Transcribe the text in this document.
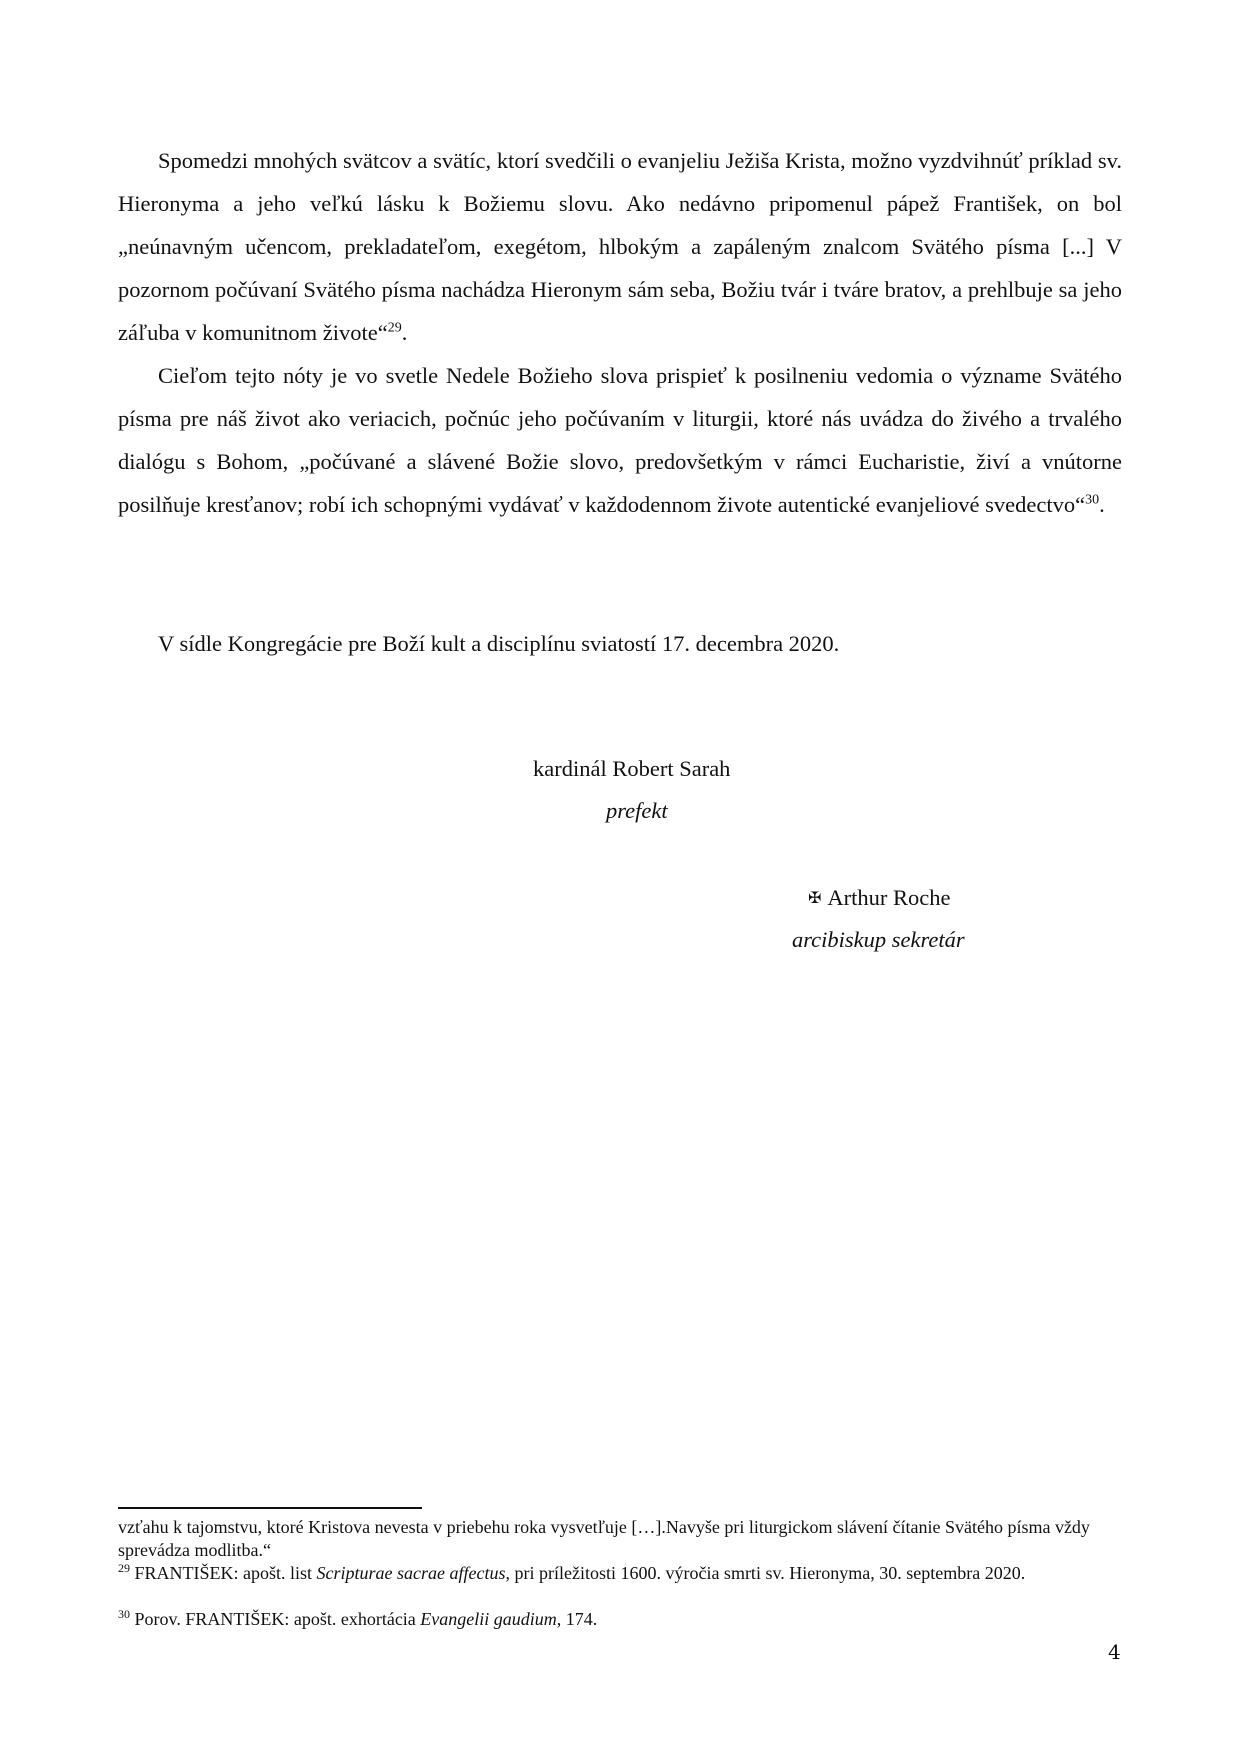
Spomedzi mnohých svätcov a svätíc, ktorí svedčili o evanjeliu Ježiša Krista, možno vyzdvihnúť príklad sv. Hieronyma a jeho veľkú lásku k Božiemu slovu. Ako nedávno pripomenul pápež František, on bol „neúnavným učencom, prekladateľom, exegétom, hlbokým a zapáleným znalcom Svätého písma [...] V pozornom počúvaní Svätého písma nachádza Hieronym sám seba, Božiu tvár i tváre bratov, a prehlbuje sa jeho záľuba v komunitnom živote“$^{29}$.

Cieľom tejto nóty je vo svetle Nedele Božieho slova prispieť k posilneniu vedomia o význame Svätého písma pre náš život ako veriacich, počnúc jeho počúvaním v liturgii, ktoré nás uvádza do živého a trvalého dialógu s Bohom, „počúvané a slávené Božie slovo, predovšetkým v rámci Eucharistie, živí a vnútorne posilňuje kresťanov; robí ich schopnými vydávať v každodennom živote autentické evanjeliové svedectvo“$^{30}$.

V sídle Kongregácie pre Boží kult a disciplínu sviatostí 17. decembra 2020.

kardinál Robert Sarah
prefekt
✠ Arthur Roche
arcibiskup sekretár

vzťahu k tajomstvu, ktoré Kristova nevesta v priebehu roka vysvetľuje […].Navyše pri liturgickom slávení čítanie Svätého písma vždy sprevádza modlitba.“

$^{29}$ FRANTIŠEK: apošt. list Scripturae sacrae affectus, pri príležitosti 1600. výročia smrti sv. Hieronyma, 30. septembra 2020.

$^{30}$ Porov. FRANTIŠEK: apošt. exhortácia Evangelii gaudium, 174.

4
